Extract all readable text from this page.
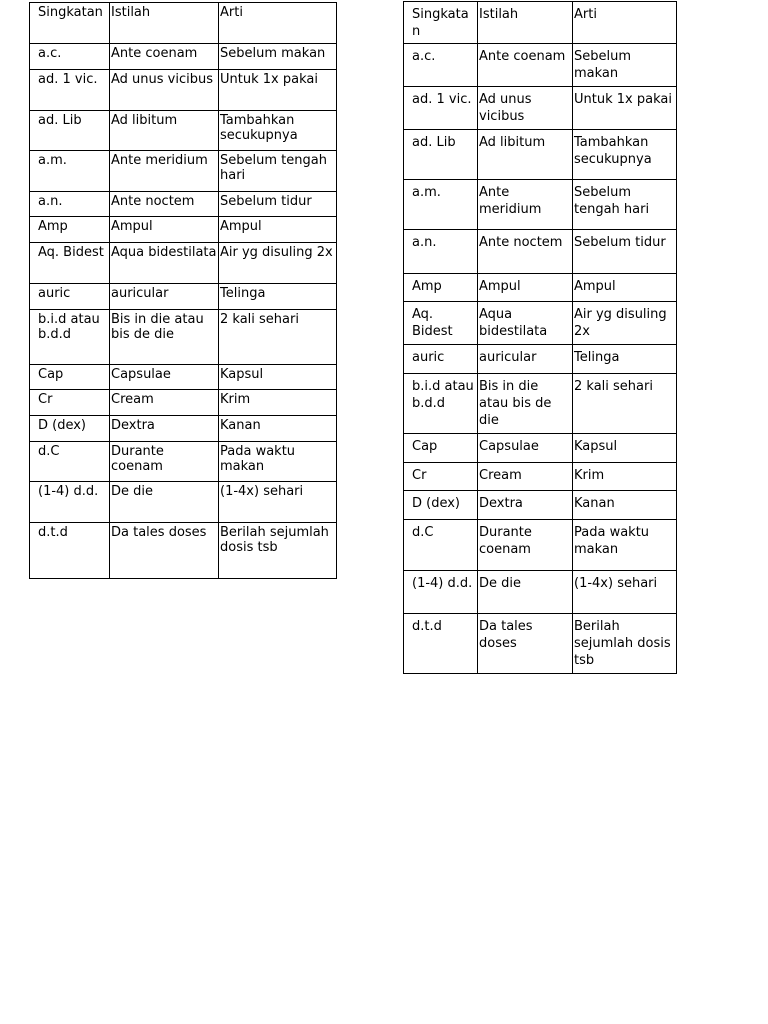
Singkatan	Istilah	Arti
a.c.	Ante coenam	Sebelum makan
ad. 1 vic.	Ad unus vicibus	Untuk 1x pakai
ad. Lib	Ad libitum	Tambahkan secukupnya
a.m.	Ante meridium	Sebelum tengah hari
a.n.	Ante noctem	Sebelum tidur
Amp	Ampul	Ampul
Aq. Bidest	Aqua bidestilata	Air yg disuling 2x
auric	auricular	Telinga
b.i.d atau b.d.d	Bis in die atau bis de die	2 kali sehari
Cap	Capsulae	Kapsul
Cr	Cream	Krim
D (dex)	Dextra	Kanan
d.C	Durante coenam	Pada waktu makan
(1-4) d.d.	De die	(1-4x) sehari
d.t.d	Da tales doses	Berilah sejumlah dosis tsb
Singkatan	Istilah	Arti
a.c.	Ante coenam	Sebelum makan
ad. 1 vic.	Ad unus vicibus	Untuk 1x pakai
ad. Lib	Ad libitum	Tambahkan secukupnya
a.m.	Ante meridium	Sebelum tengah hari
a.n.	Ante noctem	Sebelum tidur
Amp	Ampul	Ampul
Aq. Bidest	Aqua bidestilata	Air yg disuling 2x
auric	auricular	Telinga
b.i.d atau b.d.d	Bis in die atau bis de die	2 kali sehari
Cap	Capsulae	Kapsul
Cr	Cream	Krim
D (dex)	Dextra	Kanan
d.C	Durante coenam	Pada waktu makan
(1-4) d.d.	De die	(1-4x) sehari
d.t.d	Da tales doses	Berilah sejumlah dosis tsb
